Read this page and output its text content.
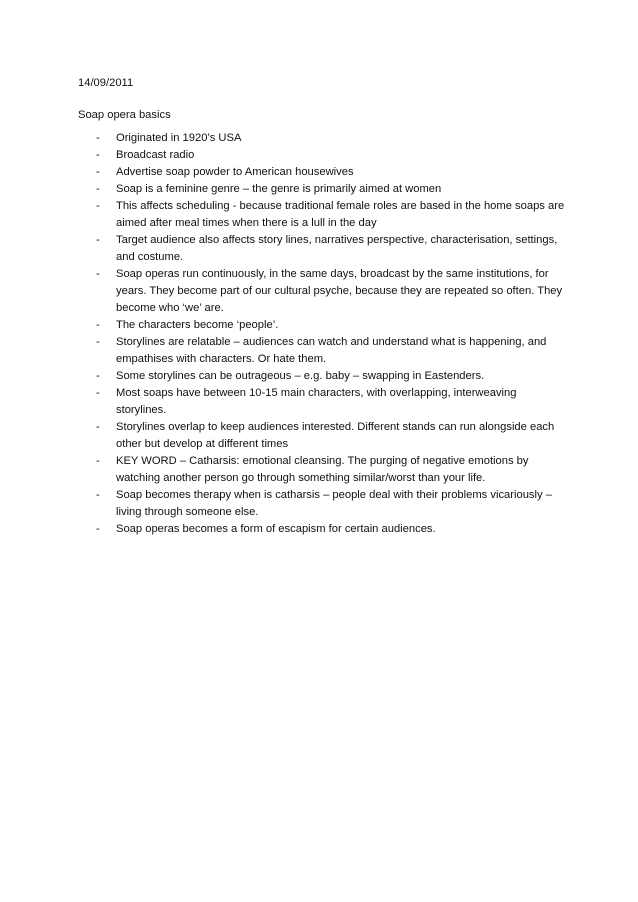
14/09/2011
Soap opera basics
- Originated in 1920’s USA
- Broadcast radio
- Advertise soap powder to American housewives
- Soap is a feminine genre – the genre is primarily aimed at women
- This affects scheduling - because traditional female roles are based in the home soaps are aimed after meal times when there is a lull in the day
- Target audience also affects story lines, narratives perspective, characterisation, settings, and costume.
- Soap operas run continuously, in the same days, broadcast by the same institutions, for years. They become part of our cultural psyche, because they are repeated so often. They become who ‘we’ are.
- The characters become ‘people’.
- Storylines are relatable – audiences can watch and understand what is happening, and empathises with characters. Or hate them.
- Some storylines can be outrageous – e.g. baby – swapping in Eastenders.
- Most soaps have between 10-15 main characters, with overlapping, interweaving storylines.
- Storylines overlap to keep audiences interested. Different stands can run alongside each other but develop at different times
- KEY WORD – Catharsis: emotional cleansing. The purging of negative emotions by watching another person go through something similar/worst than your life.
- Soap becomes therapy when is catharsis – people deal with their problems vicariously – living through someone else.
- Soap operas becomes a form of escapism for certain audiences.
